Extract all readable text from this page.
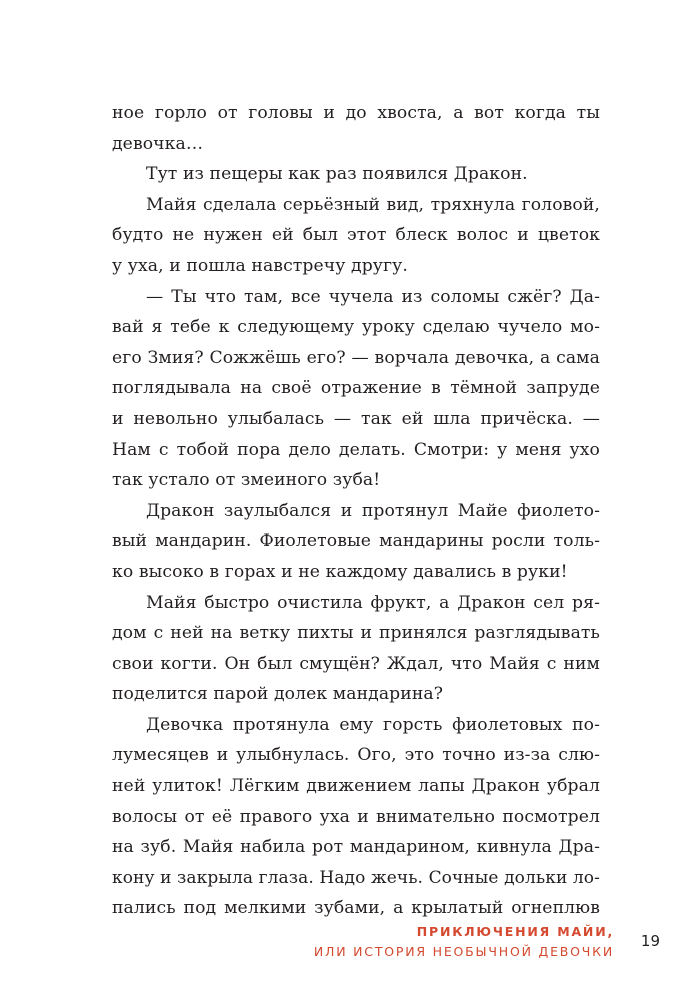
ное горло от головы и до хвоста, а вот когда ты
девочка…
Тут из пещеры как раз появился Дракон.
Майя сделала серьёзный вид, тряхнула головой,
будто не нужен ей был этот блеск волос и цветок
у уха, и пошла навстречу другу.
— Ты что там, все чучела из соломы сжёг? Да-
вай я тебе к следующему уроку сделаю чучело мо-
его Змия? Сожжёшь его? — ворчала девочка, а сама
поглядывала на своё отражение в тёмной запруде
и невольно улыбалась — так ей шла причёска. —
Нам с тобой пора дело делать. Смотри: у меня ухо
так устало от змеиного зуба!
Дракон заулыбался и протянул Майе фиолето-
вый мандарин. Фиолетовые мандарины росли толь-
ко высоко в горах и не каждому давались в руки!
Майя быстро очистила фрукт, а Дракон сел ря-
дом с ней на ветку пихты и принялся разглядывать
свои когти. Он был смущён? Ждал, что Майя с ним
поделится парой долек мандарина?
Девочка протянула ему горсть фиолетовых по-
лумесяцев и улыбнулась. Ого, это точно из-за слю-
ней улиток! Лёгким движением лапы Дракон убрал
волосы от её правого уха и внимательно посмотрел
на зуб. Майя набила рот мандарином, кивнула Дра-
кону и закрыла глаза. Надо жечь. Сочные дольки ло-
пались под мелкими зубами, а крылатый огнеплюв
ПРИКЛЮЧЕНИЯ МАЙИ,
ИЛИ ИСТОРИЯ НЕОБЫЧНОЙ ДЕВОЧКИ
19
